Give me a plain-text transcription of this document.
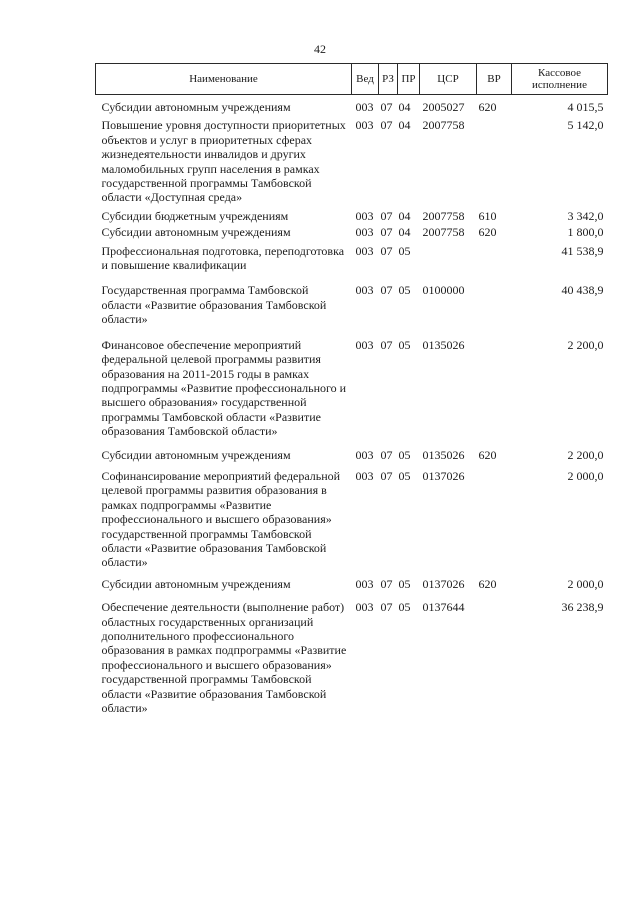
42
Наименование	Вед	РЗ	ПР	ЦСР	ВР	Кассовое исполнение
Субсидии автономным учреждениям	003	07	04	2005027	620	4 015,5
Повышение уровня доступности приоритетных объектов и услуг в приоритетных сферах жизнедеятельности инвалидов и других маломобильных групп населения в рамках государственной программы Тамбовской области «Доступная среда»	003	07	04	2007758		5 142,0
Субсидии бюджетным учреждениям	003	07	04	2007758	610	3 342,0
Субсидии автономным учреждениям	003	07	04	2007758	620	1 800,0
Профессиональная подготовка, переподготовка и повышение квалификации	003	07	05			41 538,9
Государственная программа Тамбовской области «Развитие образования Тамбовской области»	003	07	05	0100000		40 438,9
Финансовое обеспечение мероприятий федеральной целевой программы развития образования на 2011-2015 годы в рамках подпрограммы «Развитие профессионального и высшего образования» государственной программы Тамбовской области «Развитие образования Тамбовской области»	003	07	05	0135026		2 200,0
Субсидии автономным учреждениям	003	07	05	0135026	620	2 200,0
Софинансирование мероприятий федеральной целевой программы развития образования в рамках подпрограммы «Развитие профессионального и высшего образования» государственной программы Тамбовской области «Развитие образования Тамбовской области»	003	07	05	0137026		2 000,0
Субсидии автономным учреждениям	003	07	05	0137026	620	2 000,0
Обеспечение деятельности (выполнение работ) областных государственных организаций дополнительного профессионального образования в рамках подпрограммы «Развитие профессионального и высшего образования» государственной программы Тамбовской области «Развитие образования Тамбовской области»	003	07	05	0137644		36 238,9
